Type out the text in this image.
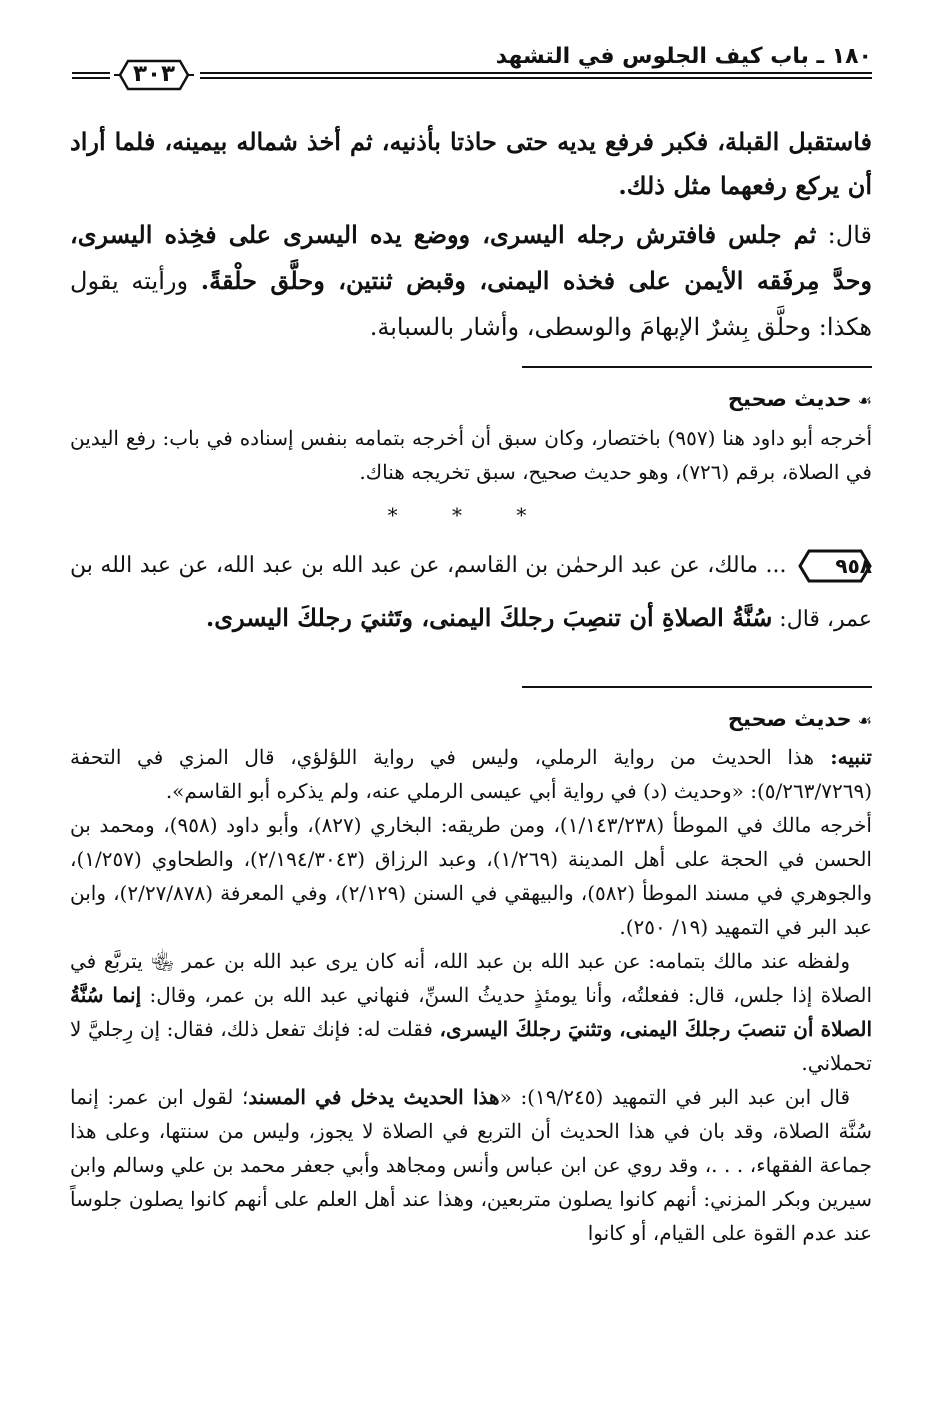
١٨٠ ـ باب كيف الجلوس في التشهد
٣٠٣
فاستقبل القبلة، فكبر فرفع يديه حتى حاذتا بأذنيه، ثم أخذ شماله بيمينه، فلما أراد أن يركع رفعهما مثل ذلك.
قال: ثم جلس فافترش رجله اليسرى، ووضع يده اليسرى على فخِذه اليسرى، وحدَّ مِرفَقه الأيمن على فخذه اليمنى، وقبض ثنتين، وحلَّق حلْقةً. ورأيته يقول هكذا: وحلَّق بِشرٌ الإبهامَ والوسطى، وأشار بالسبابة.
☙حديث صحيح
أخرجه أبو داود هنا (٩٥٧) باختصار، وكان سبق أن أخرجه بتمامه بنفس إسناده في باب: رفع اليدين في الصلاة، برقم (٧٢٦)، وهو حديث صحيح، سبق تخريجه هناك.
* * *
٩٥٨
... مالك، عن عبد الرحمٰن بن القاسم، عن عبد الله بن عبد الله، عن عبد الله بن عمر، قال: سُنَّةُ الصلاةِ أن تنصِبَ رجلكَ اليمنى، وتَثنيَ رجلكَ اليسرى.
☙حديث صحيح

تنبيه: هذا الحديث من رواية الرملي، وليس في رواية اللؤلؤي، قال المزي في التحفة (٥/٢٦٣/٧٢٦٩): «وحديث (د) في رواية أبي عيسى الرملي عنه، ولم يذكره أبو القاسم».

أخرجه مالك في الموطأ (١/١٤٣/٢٣٨)، ومن طريقه: البخاري (٨٢٧)، وأبو داود (٩٥٨)، ومحمد بن الحسن في الحجة على أهل المدينة (١/٢٦٩)، وعبد الرزاق (٢/١٩٤/٣٠٤٣)، والطحاوي (١/٢٥٧)، والجوهري في مسند الموطأ (٥٨٢)، والبيهقي في السنن (٢/١٢٩)، وفي المعرفة (٢/٢٧/٨٧٨)، وابن عبد البر في التمهيد (١٩/ ٢٥٠).

ولفظه عند مالك بتمامه: عن عبد الله بن عبد الله، أنه كان يرى عبد الله بن عمر ﵄ يتربَّع في الصلاة إذا جلس، قال: ففعلتُه، وأنا يومئذٍ حديثُ السنِّ، فنهاني عبد الله بن عمر، وقال: إنما سُنَّةُ الصلاة أن تنصبَ رجلكَ اليمنى، وتثنيَ رجلكَ اليسرى، فقلت له: فإنك تفعل ذلك، فقال: إن رِجليَّ لا تحملاني.

قال ابن عبد البر في التمهيد (١٩/٢٤٥): «هذا الحديث يدخل في المسند؛ لقول ابن عمر: إنما سُنَّة الصلاة، وقد بان في هذا الحديث أن التربع في الصلاة لا يجوز، وليس من سنتها، وعلى هذا جماعة الفقهاء، . . .، وقد روي عن ابن عباس وأنس ومجاهد وأبي جعفر محمد بن علي وسالم وابن سيرين وبكر المزني: أنهم كانوا يصلون متربعين، وهذا عند أهل العلم على أنهم كانوا يصلون جلوساً عند عدم القوة على القيام، أو كانوا
